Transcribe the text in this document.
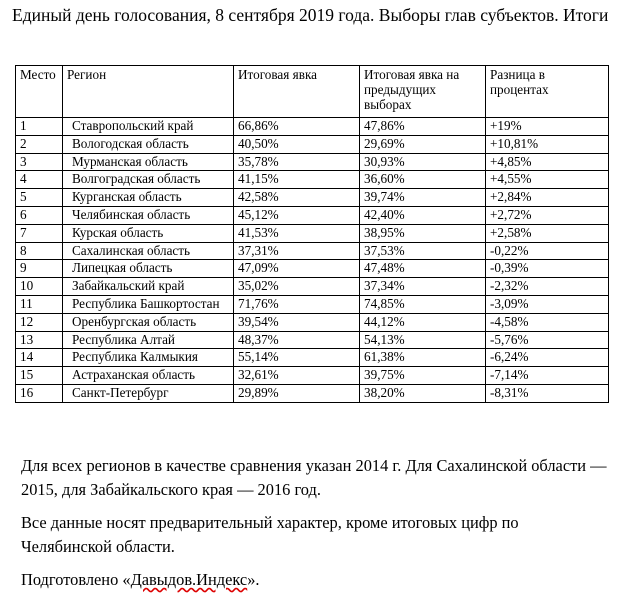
Единый день голосования, 8 сентября 2019 года. Выборы глав субъектов. Итоги
Место	Регион	Итоговая явка	Итоговая явка на предыдущих выборах	Разница в процентах
1	Ставропольский край	66,86%	47,86%	+19%
2	Вологодская область	40,50%	29,69%	+10,81%
3	Мурманская область	35,78%	30,93%	+4,85%
4	Волгоградская область	41,15%	36,60%	+4,55%
5	Курганская область	42,58%	39,74%	+2,84%
6	Челябинская область	45,12%	42,40%	+2,72%
7	Курская область	41,53%	38,95%	+2,58%
8	Сахалинская область	37,31%	37,53%	-0,22%
9	Липецкая область	47,09%	47,48%	-0,39%
10	Забайкальский край	35,02%	37,34%	-2,32%
11	Республика Башкортостан	71,76%	74,85%	-3,09%
12	Оренбургская область	39,54%	44,12%	-4,58%
13	Республика Алтай	48,37%	54,13%	-5,76%
14	Республика Калмыкия	55,14%	61,38%	-6,24%
15	Астраханская область	32,61%	39,75%	-7,14%
16	Санкт-Петербург	29,89%	38,20%	-8,31%
Для всех регионов в качестве сравнения указан 2014 г. Для Сахалинской области — 2015, для Забайкальского края — 2016 год.
Все данные носят предварительный характер, кроме итоговых цифр по Челябинской области.
Подготовлено «Давыдов.Индекс».
